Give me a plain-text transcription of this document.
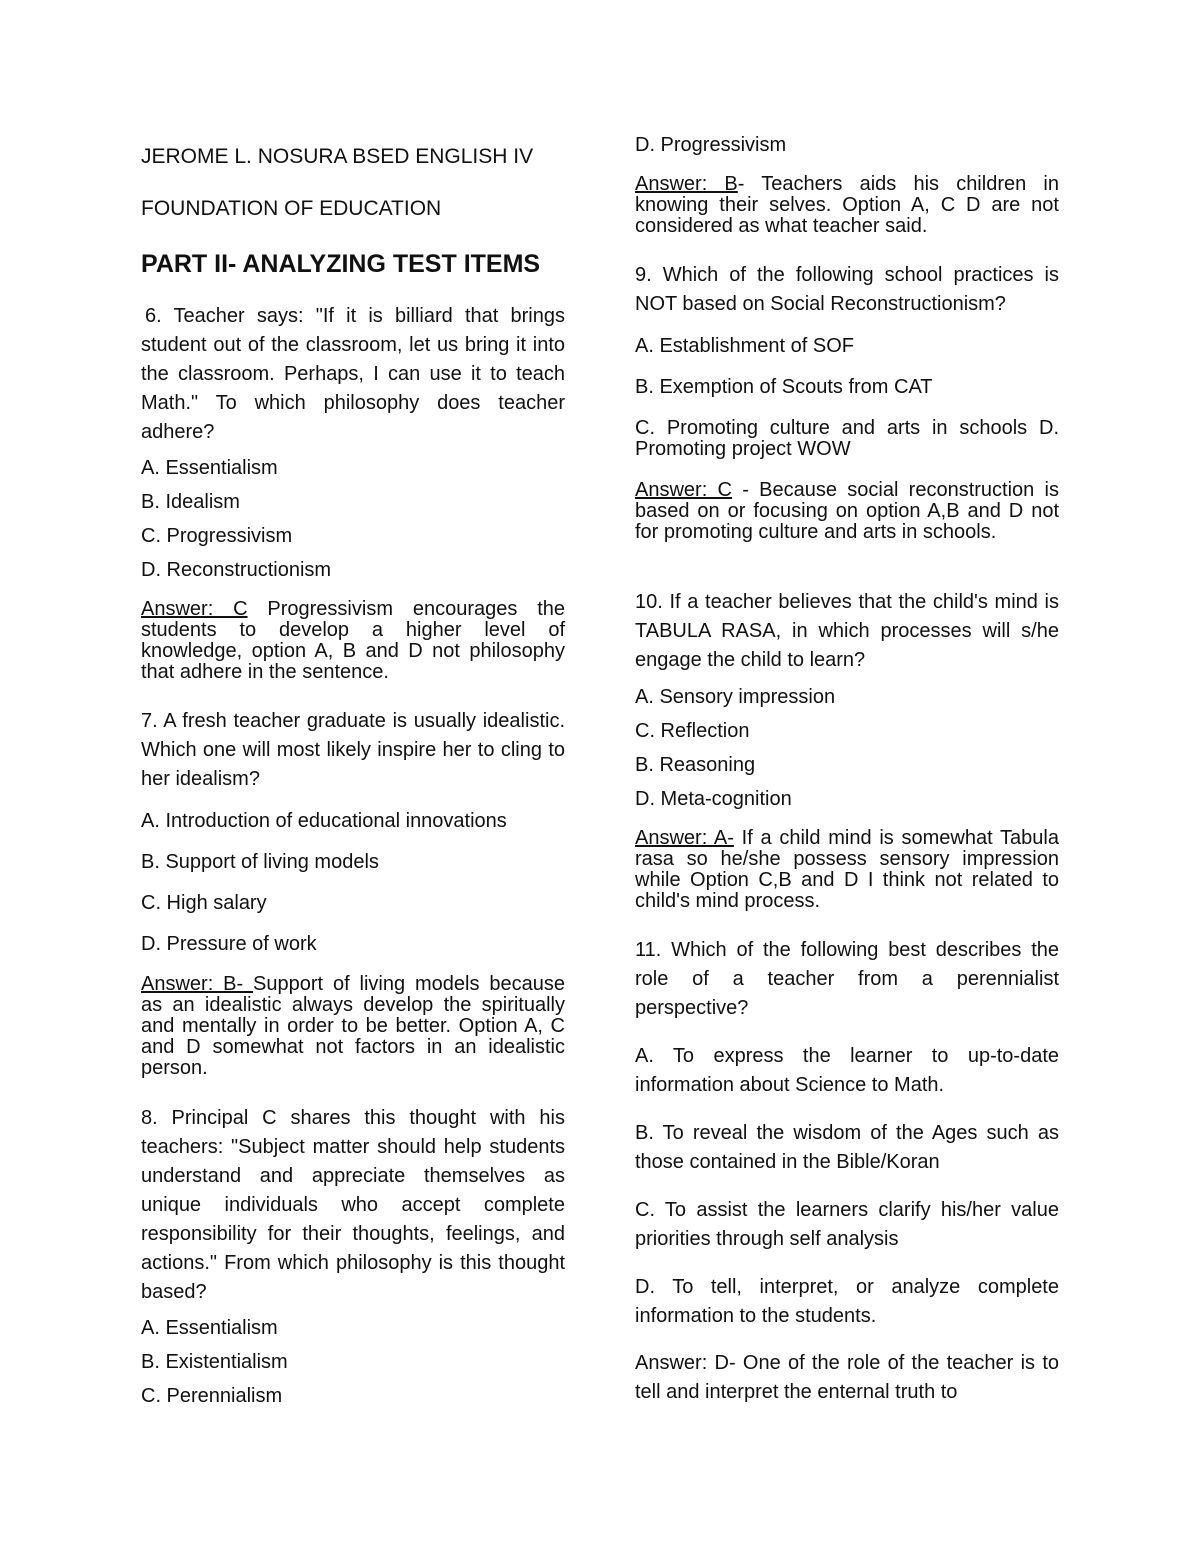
JEROME L. NOSURA BSED ENGLISH IV

FOUNDATION OF EDUCATION

PART II- ANALYZING TEST ITEMS

6. Teacher says: "If it is billiard that brings student out of the classroom, let us bring it into the classroom. Perhaps, I can use it to teach Math." To which philosophy does teacher adhere?

A. Essentialism

B. Idealism

C. Progressivism

D. Reconstructionism

Answer: C Progressivism encourages the students to develop a higher level of knowledge, option A, B and D not philosophy that adhere in the sentence.

7. A fresh teacher graduate is usually idealistic. Which one will most likely inspire her to cling to her idealism?

A. Introduction of educational innovations

B. Support of living models

C. High salary

D. Pressure of work

Answer: B- Support of living models because as an idealistic always develop the spiritually and mentally in order to be better. Option A, C and D somewhat not factors in an idealistic person.

8. Principal C shares this thought with his teachers: "Subject matter should help students understand and appreciate themselves as unique individuals who accept complete responsibility for their thoughts, feelings, and actions." From which philosophy is this thought based?

A. Essentialism

B. Existentialism

C. Perennialism

D. Progressivism

Answer: B- Teachers aids his children in knowing their selves. Option A, C D are not considered as what teacher said.

9. Which of the following school practices is NOT based on Social Reconstructionism?

A. Establishment of SOF

B. Exemption of Scouts from CAT

C. Promoting culture and arts in schools D. Promoting project WOW

Answer: C - Because social reconstruction is based on or focusing on option A,B and D not for promoting culture and arts in schools.

10. If a teacher believes that the child's mind is TABULA RASA, in which processes will s/he engage the child to learn?

A. Sensory impression

C. Reflection

B. Reasoning

D. Meta-cognition

Answer: A- If a child mind is somewhat Tabula rasa so he/she possess sensory impression while Option C,B and D I think not related to child's mind process.

11. Which of the following best describes the role of a teacher from a perennialist perspective?

A. To express the learner to up-to-date information about Science to Math.

B. To reveal the wisdom of the Ages such as those contained in the Bible/Koran

C. To assist the learners clarify his/her value priorities through self analysis

D. To tell, interpret, or analyze complete information to the students.

Answer: D- One of the role of the teacher is to tell and interpret the enternal truth to
